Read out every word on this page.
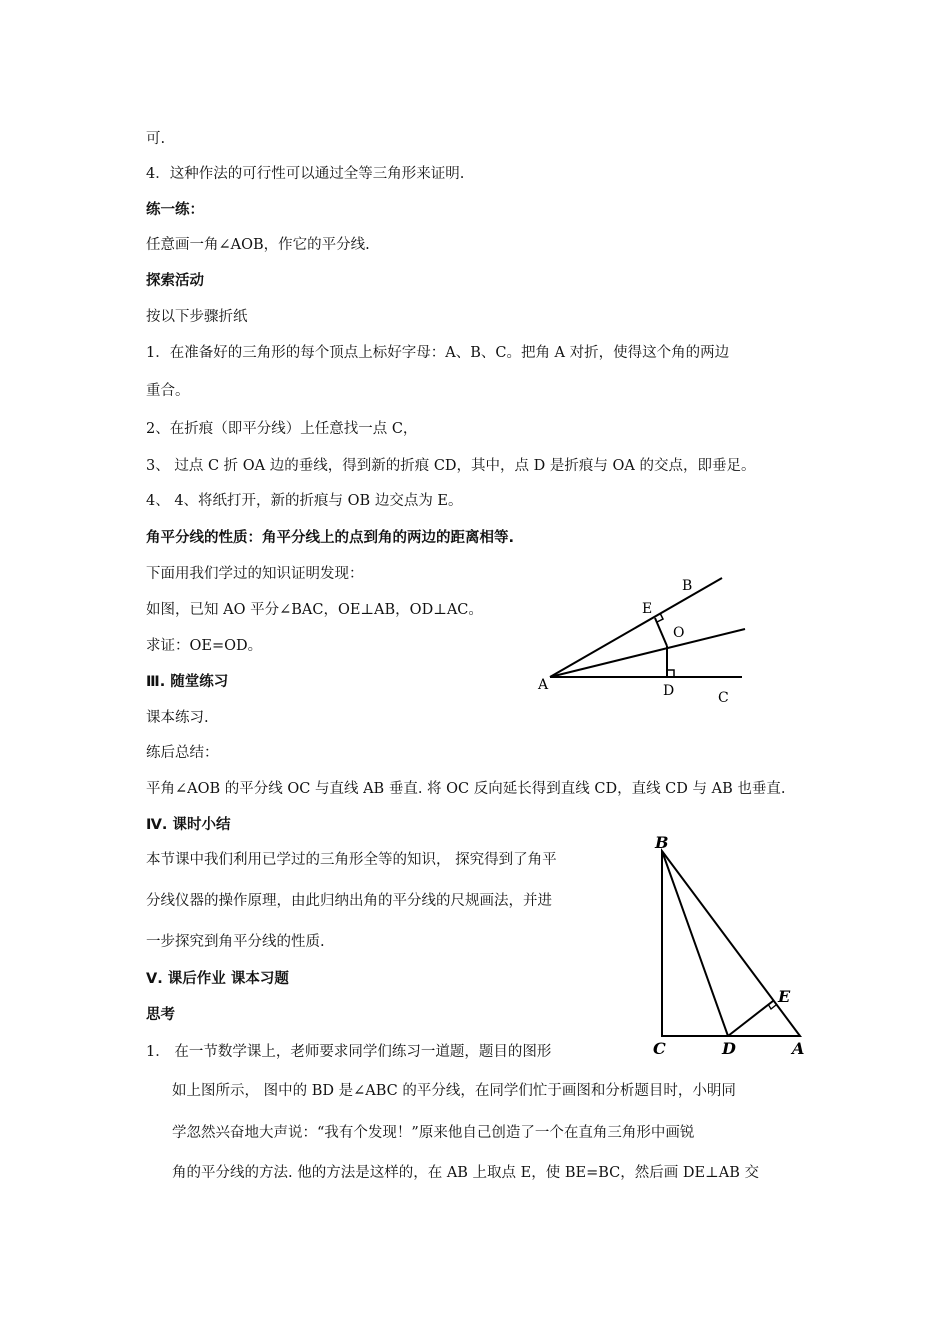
可.
4．这种作法的可行性可以通过全等三角形来证明.
练一练：
任意画一角∠AOB，作它的平分线.
探索活动
按以下步骤折纸
1．在准备好的三角形的每个顶点上标好字母：A、B、C。把角 A 对折，使得这个角的两边
重合。
2、在折痕（即平分线）上任意找一点 C，
3、 过点 C 折 OA 边的垂线，得到新的折痕 CD，其中，点 D 是折痕与 OA 的交点，即垂足。
4、 4、将纸打开，新的折痕与 OB 边交点为 E。
角平分线的性质：角平分线上的点到角的两边的距离相等.
下面用我们学过的知识证明发现：
如图，已知 AO 平分∠BAC，OE⊥AB，OD⊥AC。
求证：OE=OD。
Ⅲ. 随堂练习
课本练习.
练后总结：
平角∠AOB 的平分线 OC 与直线 AB 垂直. 将 OC 反向延长得到直线 CD，直线 CD 与 AB 也垂直.
Ⅳ. 课时小结
本节课中我们利用已学过的三角形全等的知识， 探究得到了角平
分线仪器的操作原理，由此归纳出角的平分线的尺规画法，并进
一步探究到角平分线的性质.
Ⅴ. 课后作业 课本习题
思考
1． 在一节数学课上，老师要求同学们练习一道题，题目的图形
如上图所示， 图中的 BD 是∠ABC 的平分线，在同学们忙于画图和分析题目时，小明同
学忽然兴奋地大声说：“我有个发现！”原来他自己创造了一个在直角三角形中画锐
角的平分线的方法. 他的方法是这样的，在 AB 上取点 E，使 BE=BC，然后画 DE⊥AB 交
A
B
C
D
E
O
B
C	D	A
E
